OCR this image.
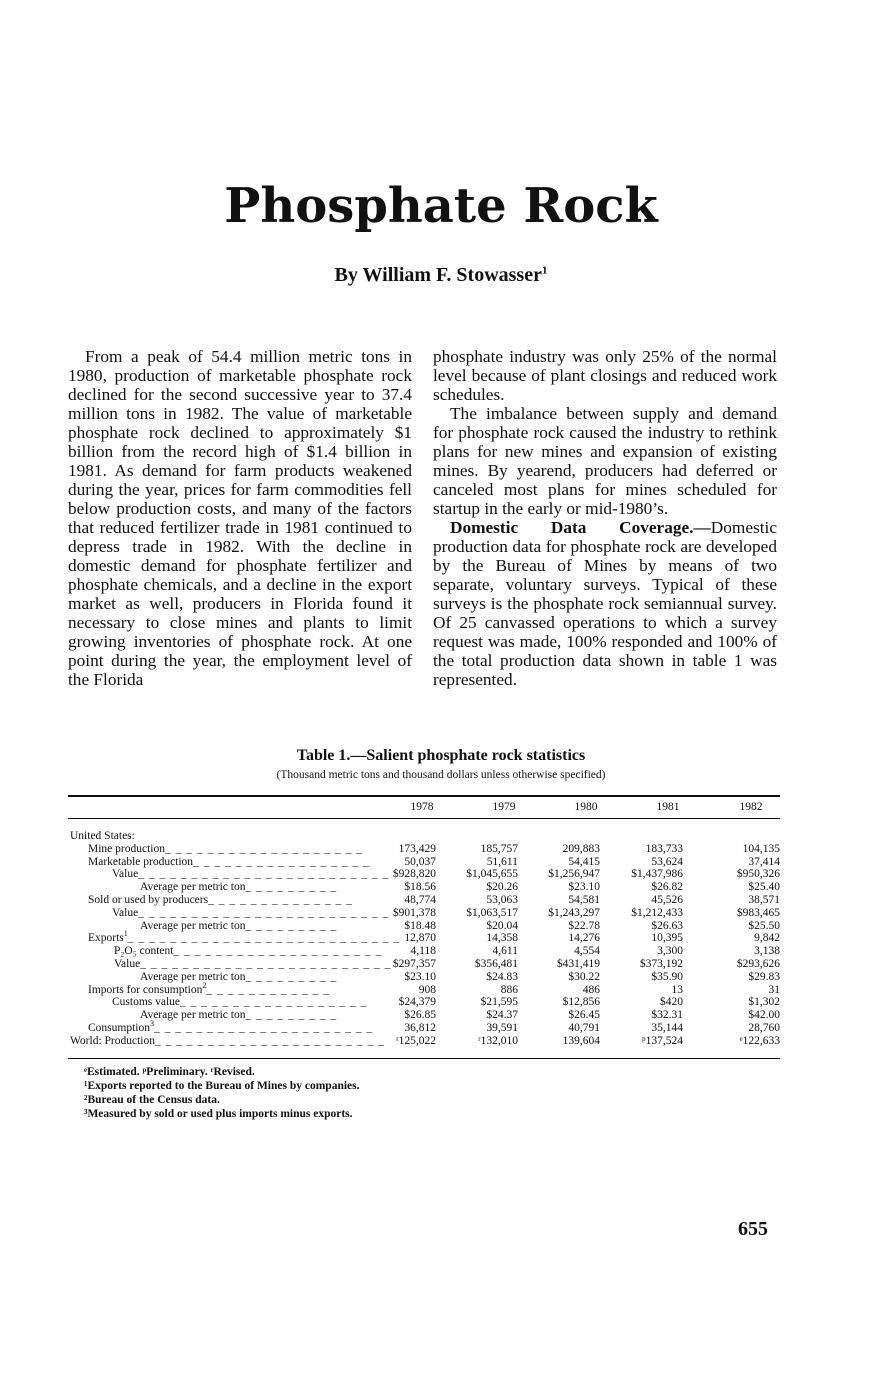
Phosphate Rock
By William F. Stowasser$^1$

From a peak of 54.4 million metric tons in 1980, production of marketable phosphate rock declined for the second successive year to 37.4 million tons in 1982. The value of marketable phosphate rock declined to approximately $1 billion from the record high of $1.4 billion in 1981. As demand for farm products weakened during the year, prices for farm commodities fell below production costs, and many of the factors that reduced fertilizer trade in 1981 continued to depress trade in 1982. With the decline in domestic demand for phosphate fertilizer and phosphate chemicals, and a decline in the export market as well, producers in Florida found it necessary to close mines and plants to limit growing inventories of phosphate rock. At one point during the year, the employment level of the Florida

phosphate industry was only 25% of the normal level because of plant closings and reduced work schedules.

The imbalance between supply and demand for phosphate rock caused the industry to rethink plans for new mines and expansion of existing mines. By yearend, producers had deferred or canceled most plans for mines scheduled for startup in the early or mid-1980’s.

Domestic Data Coverage.—Domestic production data for phosphate rock are developed by the Bureau of Mines by means of two separate, voluntary surveys. Typical of these surveys is the phosphate rock semiannual survey. Of 25 canvassed operations to which a survey request was made, 100% responded and 100% of the total production data shown in table 1 was represented.

Table 1.—Salient phosphate rock statistics
(Thousand metric tons and thousand dollars unless otherwise specified)
1978	1979	1980	1981	1982
United States:
Mine production_ _ _ _ _ _ _ _ _ _ _ _ _ _ _ _ _ _ _	173,429	185,757	209,883	183,733	104,135
Marketable production_ _ _ _ _ _ _ _ _ _ _ _ _ _ _ _ _	50,037	51,611	54,415	53,624	37,414
Value_ _ _ _ _ _ _ _ _ _ _ _ _ _ _ _ _ _ _ _ _ _ _ _ $928,820	$1,045,655	$1,256,947	$1,437,986	$950,326
Average per metric ton_ _ _ _ _ _ _ _ _	$18.56	$20.26	$23.10	$26.82	$25.40
Sold or used by producers_ _ _ _ _ _ _ _ _ _ _ _ _ _	48,774	53,063	54,581	45,526	38,571
Value_ _ _ _ _ _ _ _ _ _ _ _ _ _ _ _ _ _ _ _ _ _ _ _ $901,378	$1,063,517	$1,243,297	$1,212,433	$983,465
Average per metric ton_ _ _ _ _ _ _ _ _	$18.48	$20.04	$22.78	$26.63	$25.50
Exports$^1$_ _ _ _ _ _ _ _ _ _ _ _ _ _ _ _ _ _ _ _ _ _ _ _ _ _ 12,870	14,358	14,276	10,395	9,842
P₂O₅ content_ _ _ _ _ _ _ _ _ _ _ _ _ _ _ _ _ _ _ _	4,118	4,611	4,554	3,300	3,138
Value_ _ _ _ _ _ _ _ _ _ _ _ _ _ _ _ _ _ _ _ _ _ _ _ $297,357	$356,481	$431,419	$373,192	$293,626
Average per metric ton_ _ _ _ _ _ _ _ _	$23.10	$24.83	$30.22	$35.90	$29.83
Imports for consumption$^2$_ _ _ _ _ _ _ _ _ _ _ _	908	886	486	13	31
Customs value_ _ _ _ _ _ _ _ _ _ _ _ _ _ _ _ _ _	$24,379	$21,595	$12,856	$420	$1,302
Average per metric ton_ _ _ _ _ _ _ _ _	$26.85	$24.37	$26.45	$32.31	$42.00
Consumption$^3$_ _ _ _ _ _ _ _ _ _ _ _ _ _ _ _ _ _ _ _ _	36,812	39,591	40,791	35,144	28,760
World: Production_ _ _ _ _ _ _ _ _ _ _ _ _ _ _ _ _ _ _ _ _ _ ʳ125,022	ʳ132,010	139,604	ᵖ137,524	ᵉ122,633
ᵉEstimated. ᵖPreliminary. ʳRevised.
¹Exports reported to the Bureau of Mines by companies.
²Bureau of the Census data.
³Measured by sold or used plus imports minus exports.
655
